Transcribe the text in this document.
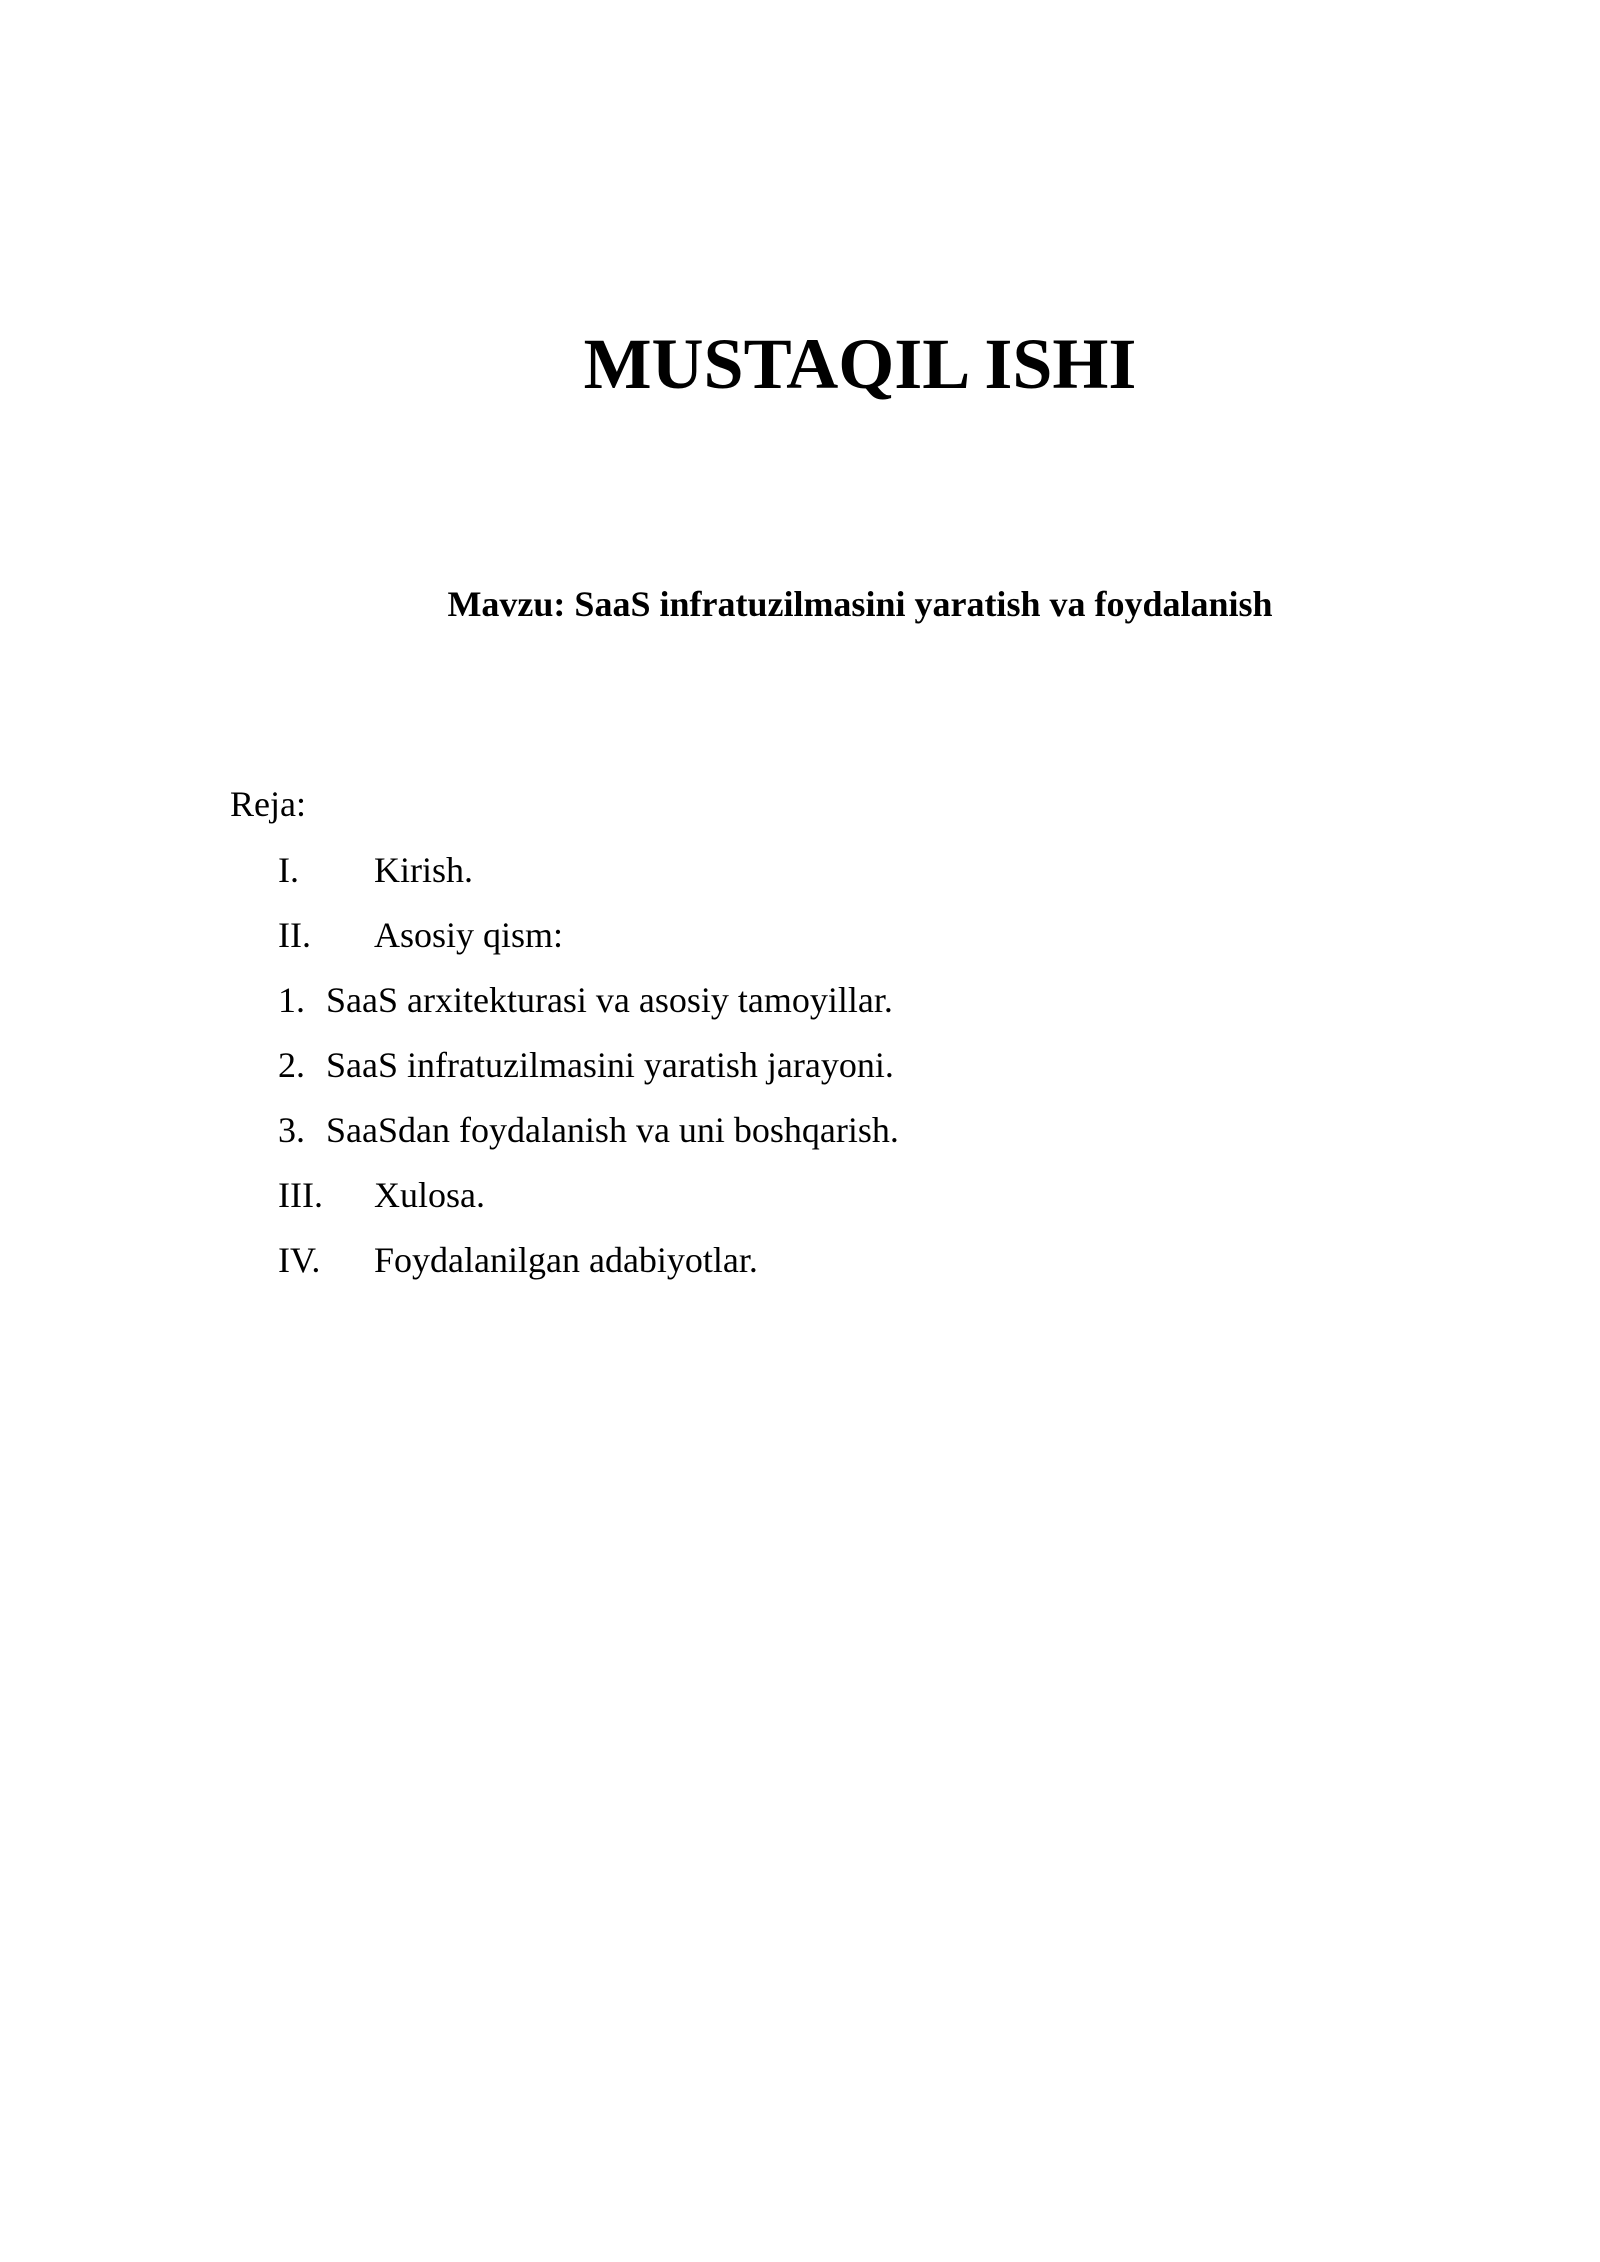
MUSTAQIL ISHI
Mavzu: SaaS infratuzilmasini yaratish va foydalanish

Reja:

I. Kirish.
II. Asosiy qism:
1. SaaS arxitekturasi va asosiy tamoyillar.
2. SaaS infratuzilmasini yaratish jarayoni.
3. SaaSdan foydalanish va uni boshqarish.
III. Xulosa.
IV. Foydalanilgan adabiyotlar.
